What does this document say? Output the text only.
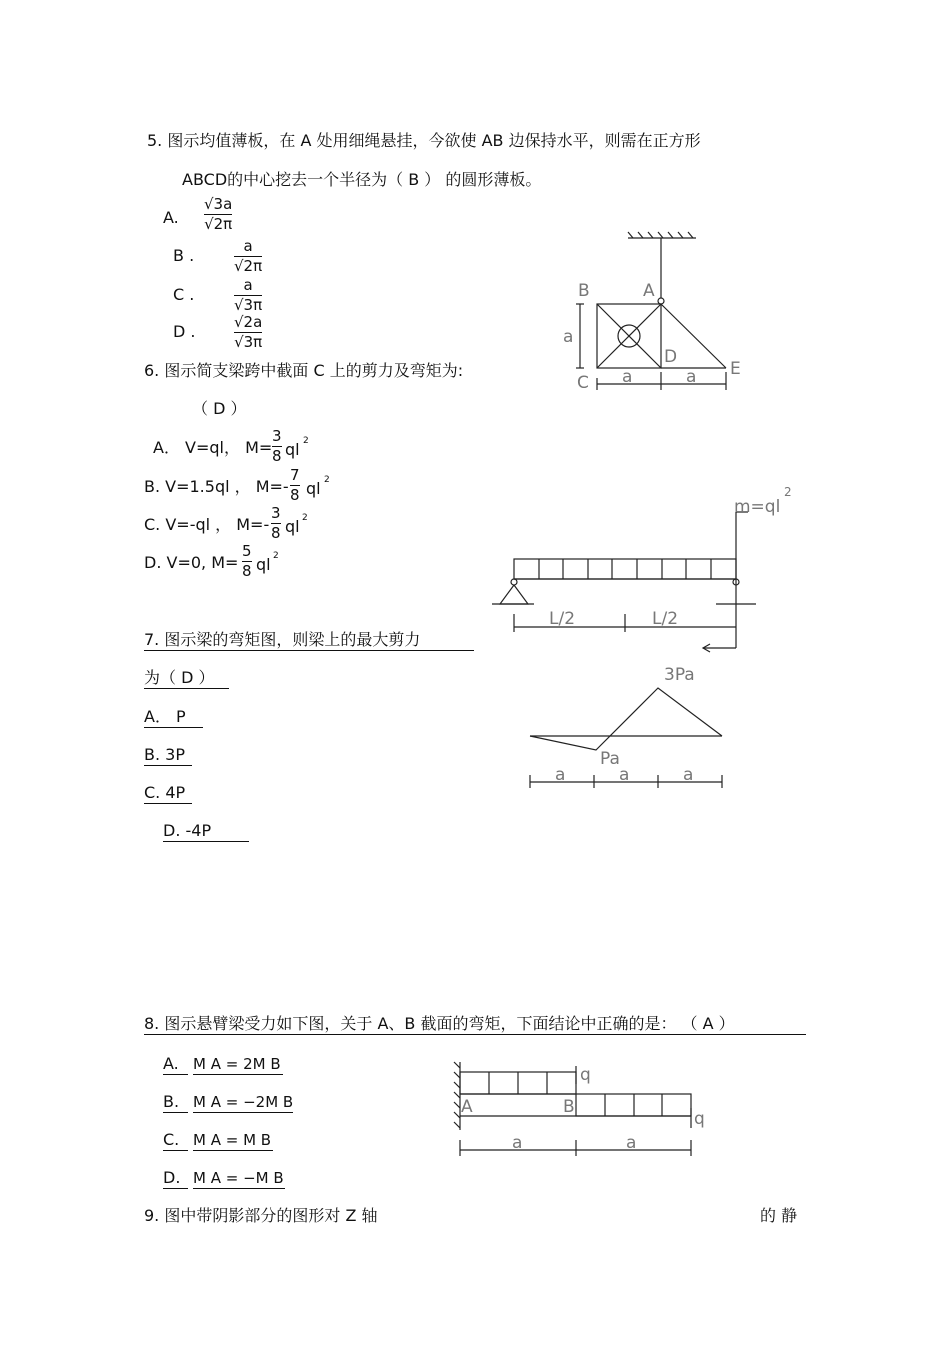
5. 图示均值薄板，在 A 处用细绳悬挂，今欲使 AB 边保持水平，则需在正方形
ABCD的中心挖去一个半径为（ B ） 的圆形薄板。
A.
√3a
√2π
B .	a
√2π
C .	a
√3π
D .	√2a
√3π
B	A
a
D
E
C a	a
6. 图示简支梁跨中截面 C 上的剪力及弯矩为:
（ D ）
A． V=ql， M=
3
8 ql 2
B. V=1.5ql ， M=-
7
8 ql 2
C. V=-ql ， M=-
3
8 ql 2
D. V=0, M=
5
8 ql 2
m=ql
2
L/2	L/2
7. 图示梁的弯矩图，则梁上的最大剪力
为（ D ）
A． P
B. 3P
C. 4P
D. -4P
3Pa
Pa
a	a	a
8. 图示悬臂梁受力如下图，关于 A、B 截面的弯矩，下面结论中正确的是： （ A ）
A. M A = 2M B
B. M A = −2M B
C. M A = M B
D. M A = −M B
q
A	B
q
a	a
9. 图中带阴影部分的图形对 Z 轴	的 静
